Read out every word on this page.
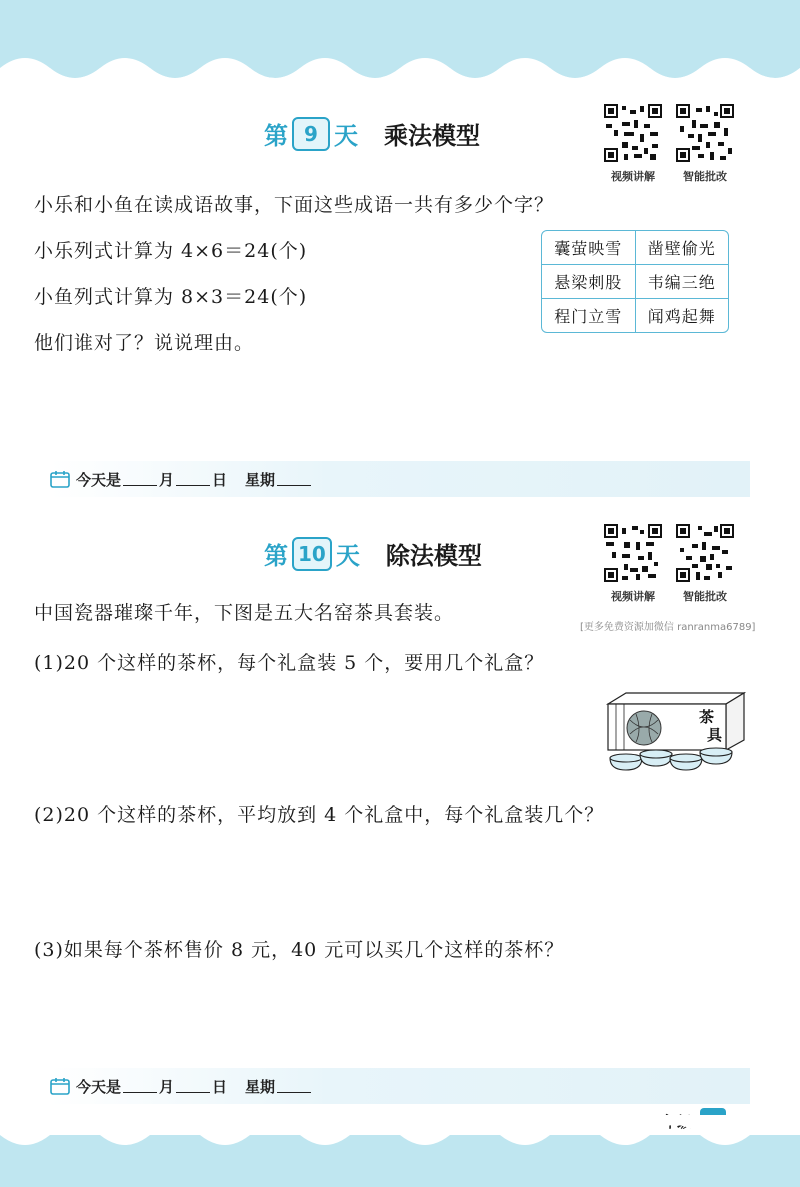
第 9 天 乘法模型
视频讲解	智能批改
小乐和小鱼在读成语故事，下面这些成语一共有多少个字？
小乐列式计算为 4×6＝24(个)
小鱼列式计算为 8×3＝24(个)
他们谁对了？说说理由。
囊萤映雪	凿壁偷光
悬梁刺股	韦编三绝
程门立雪	闻鸡起舞
今天是	月	日 星期
第 10 天 除法模型
视频讲解	智能批改
中国瓷器璀璨千年，下图是五大名窑茶具套装。
[更多免费资源加微信 ranranma6789]
(1)20 个这样的茶杯，每个礼盒装 5 个，要用几个礼盒？
茶
具
(2)20 个这样的茶杯，平均放到 4 个礼盒中，每个礼盒装几个？
(3)如果每个茶杯售价 8 元，40 元可以买几个这样的茶杯？
今天是	月	日 星期
